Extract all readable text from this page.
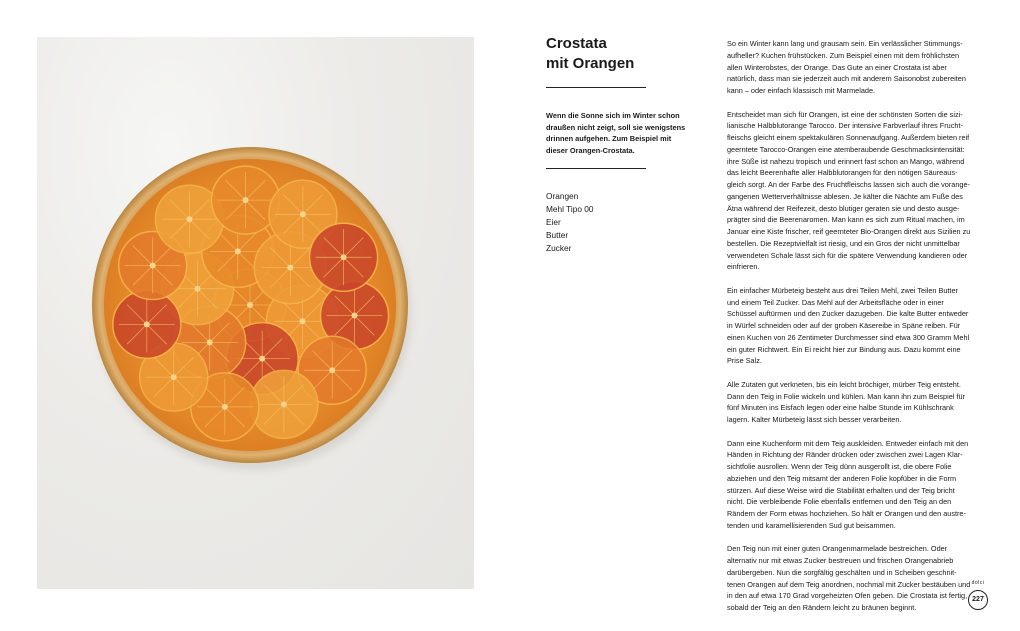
Crostata
mit Orangen

Wenn die Sonne sich im Winter schon
draußen nicht zeigt, soll sie wenigstens
drinnen aufgehen. Zum Beispiel mit
dieser Orangen-Crostata.

Orangen
Mehl Tipo 00
Eier
Butter
Zucker

So ein Winter kann lang und grausam sein. Ein verlässlicher Stimmungs-
aufheller? Kuchen frühstücken. Zum Beispiel einen mit dem fröhlichsten
allen Winterobstes, der Orange. Das Gute an einer Crostata ist aber
natürlich, dass man sie jederzeit auch mit anderem Saisonobst zubereiten
kann – oder einfach klassisch mit Marmelade.

Entscheidet man sich für Orangen, ist eine der schönsten Sorten die sizi-
lianische Halbblutorange Tarocco. Der intensive Farbverlauf ihres Frucht-
fleischs gleicht einem spektakulären Sonnenaufgang. Außerdem bieten reif
geerntete Tarocco-Orangen eine atemberaubende Geschmacksintensität:
ihre Süße ist nahezu tropisch und erinnert fast schon an Mango, während
das leicht Beerenhafte aller Halbblutorangen für den nötigen Säureaus-
gleich sorgt. An der Farbe des Fruchtfleischs lassen sich auch die vorange-
gangenen Wetterverhältnisse ablesen. Je kälter die Nächte am Fuße des
Ätna während der Reifezeit, desto blutiger geraten sie und desto ausge-
prägter sind die Beerenaromen. Man kann es sich zum Ritual machen, im
Januar eine Kiste frischer, reif geernteter Bio-Orangen direkt aus Sizilien zu
bestellen. Die Rezeptvielfalt ist riesig, und ein Gros der nicht unmittelbar
verwendeten Schale lässt sich für die spätere Verwendung kandieren oder
einfrieren.

Ein einfacher Mürbeteig besteht aus drei Teilen Mehl, zwei Teilen Butter
und einem Teil Zucker. Das Mehl auf der Arbeitsfläche oder in einer
Schüssel auftürmen und den Zucker dazugeben. Die kalte Butter entweder
in Würfel schneiden oder auf der groben Käsereibe in Späne reiben. Für
einen Kuchen von 26 Zentimeter Durchmesser sind etwa 300 Gramm Mehl
ein guter Richtwert. Ein Ei reicht hier zur Bindung aus. Dazu kommt eine
Prise Salz.

Alle Zutaten gut verkneten, bis ein leicht bröchiger, mürber Teig entsteht.
Dann den Teig in Folie wickeln und kühlen. Man kann ihn zum Beispiel für
fünf Minuten ins Eisfach legen oder eine halbe Stunde im Kühlschrank
lagern. Kalter Mürbeteig lässt sich besser verarbeiten.

Dann eine Kuchenform mit dem Teig auskleiden. Entweder einfach mit den
Händen in Richtung der Ränder drücken oder zwischen zwei Lagen Klar-
sichtfolie ausrollen. Wenn der Teig dünn ausgerollt ist, die obere Folie
abziehen und den Teig mitsamt der anderen Folie kopfüber in die Form
stürzen. Auf diese Weise wird die Stabilität erhalten und der Teig bricht
nicht. Die verbleibende Folie ebenfalls entfernen und den Teig an den
Rändern der Form etwas hochziehen. So hält er Orangen und den austre-
tenden und karamellisierenden Sud gut beisammen.

Den Teig nun mit einer guten Orangenmarmelade bestreichen. Oder
alternativ nur mit etwas Zucker bestreuen und frischen Orangenabrieb
darübergeben. Nun die sorgfältig geschälten und in Scheiben geschnit-
tenen Orangen auf dem Teig anordnen, nochmal mit Zucker bestäuben und
in den auf etwa 170 Grad vorgeheizten Ofen geben. Die Crostata ist fertig,
sobald der Teig an den Rändern leicht zu bräunen beginnt.

dolci
227
